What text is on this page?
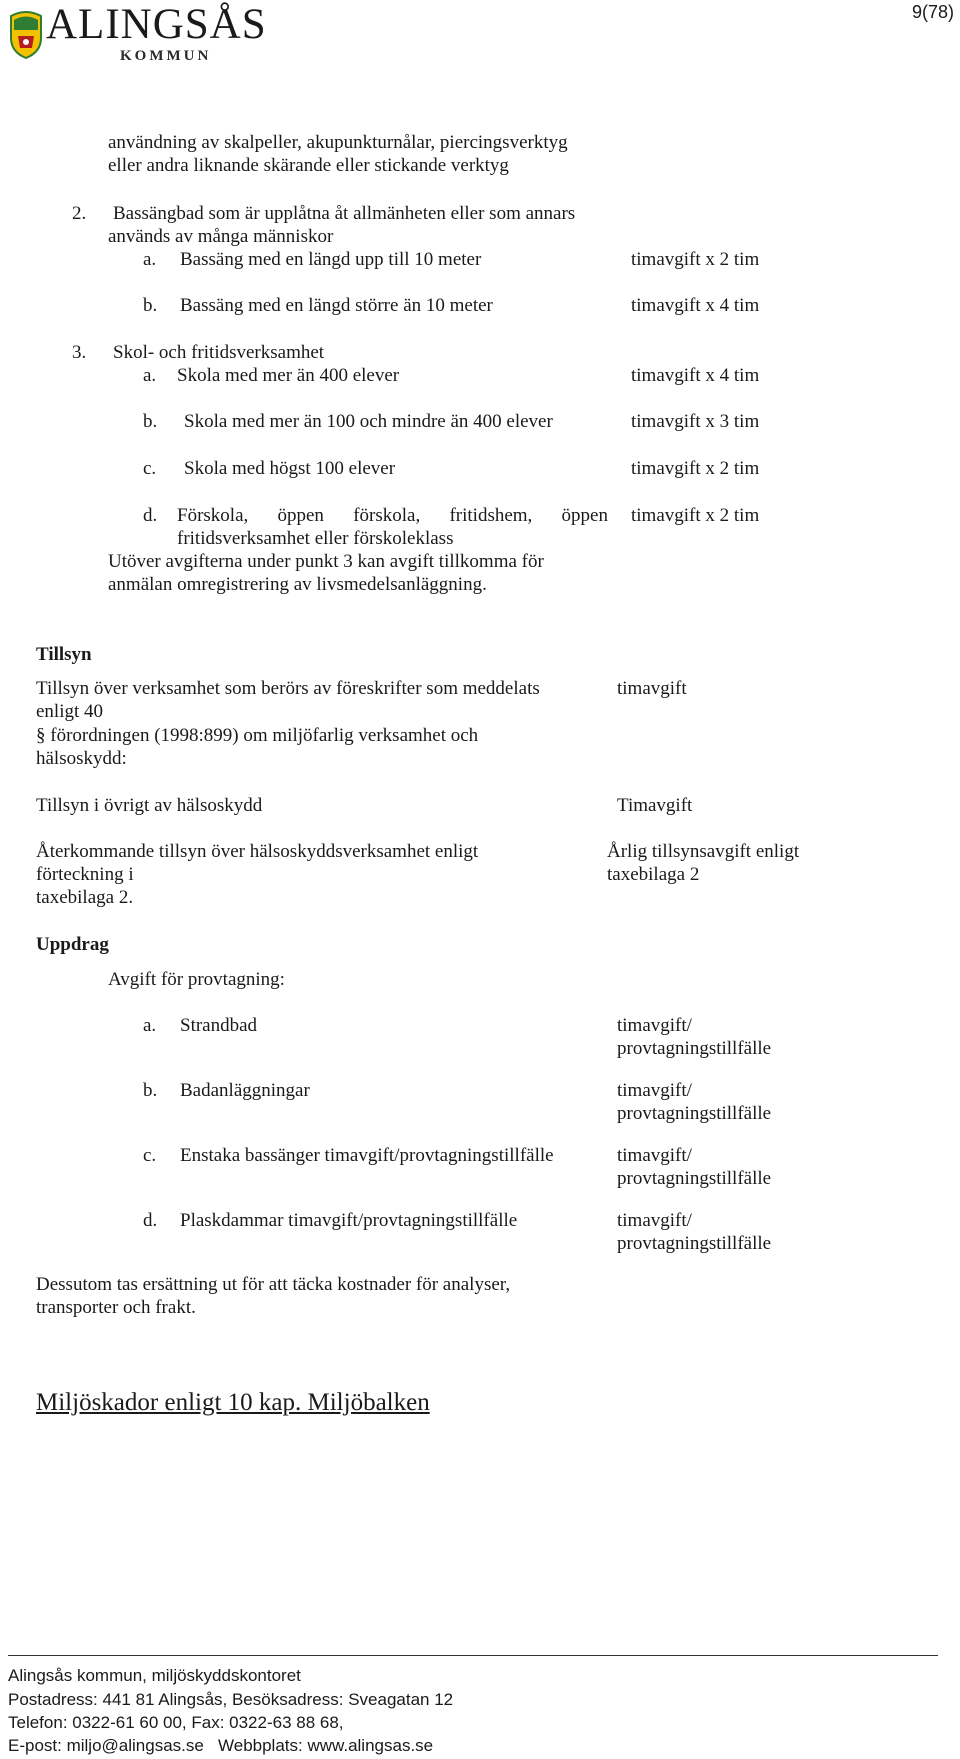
ALINGSÅS
KOMMUN
9(78)
användning av skalpeller, akupunkturnålar, piercingsverktyg
eller andra liknande skärande eller stickande verktyg
2. Bassängbad som är upplåtna åt allmänheten eller som annars
används av många människor
a. Bassäng med en längd upp till 10 meter	timavgift x 2 tim
b. Bassäng med en längd större än 10 meter	timavgift x 4 tim
3. Skol- och fritidsverksamhet
a. Skola med mer än 400 elever	timavgift x 4 tim
b. Skola med mer än 100 och mindre än 400 elever	timavgift x 3 tim
c. Skola med högst 100 elever	timavgift x 2 tim
d. Förskola, öppen förskola, fritidshem, öppen timavgift x 2 tim
fritidsverksamhet eller förskoleklass
Utöver avgifterna under punkt 3 kan avgift tillkomma för
anmälan omregistrering av livsmedelsanläggning.
Tillsyn
Tillsyn över verksamhet som berörs av föreskrifter som meddelats	timavgift
enligt 40
§ förordningen (1998:899) om miljöfarlig verksamhet och
hälsoskydd:
Tillsyn i övrigt av hälsoskydd	Timavgift
Återkommande tillsyn över hälsoskyddsverksamhet enligt	Årlig tillsynsavgift enligt
förteckning i	taxebilaga 2
taxebilaga 2.
Uppdrag
Avgift för provtagning:
a. Strandbad	timavgift/
provtagningstillfälle
b. Badanläggningar	timavgift/
provtagningstillfälle
c. Enstaka bassänger timavgift/provtagningstillfälle	timavgift/
provtagningstillfälle
d. Plaskdammar timavgift/provtagningstillfälle	timavgift/
provtagningstillfälle
Dessutom tas ersättning ut för att täcka kostnader för analyser,
transporter och frakt.
Miljöskador enligt 10 kap. Miljöbalken
Alingsås kommun, miljöskyddskontoret
Postadress: 441 81 Alingsås, Besöksadress: Sveagatan 12
Telefon: 0322-61 60 00, Fax: 0322-63 88 68,
E-post: miljo@alingsas.se   Webbplats: www.alingsas.se
